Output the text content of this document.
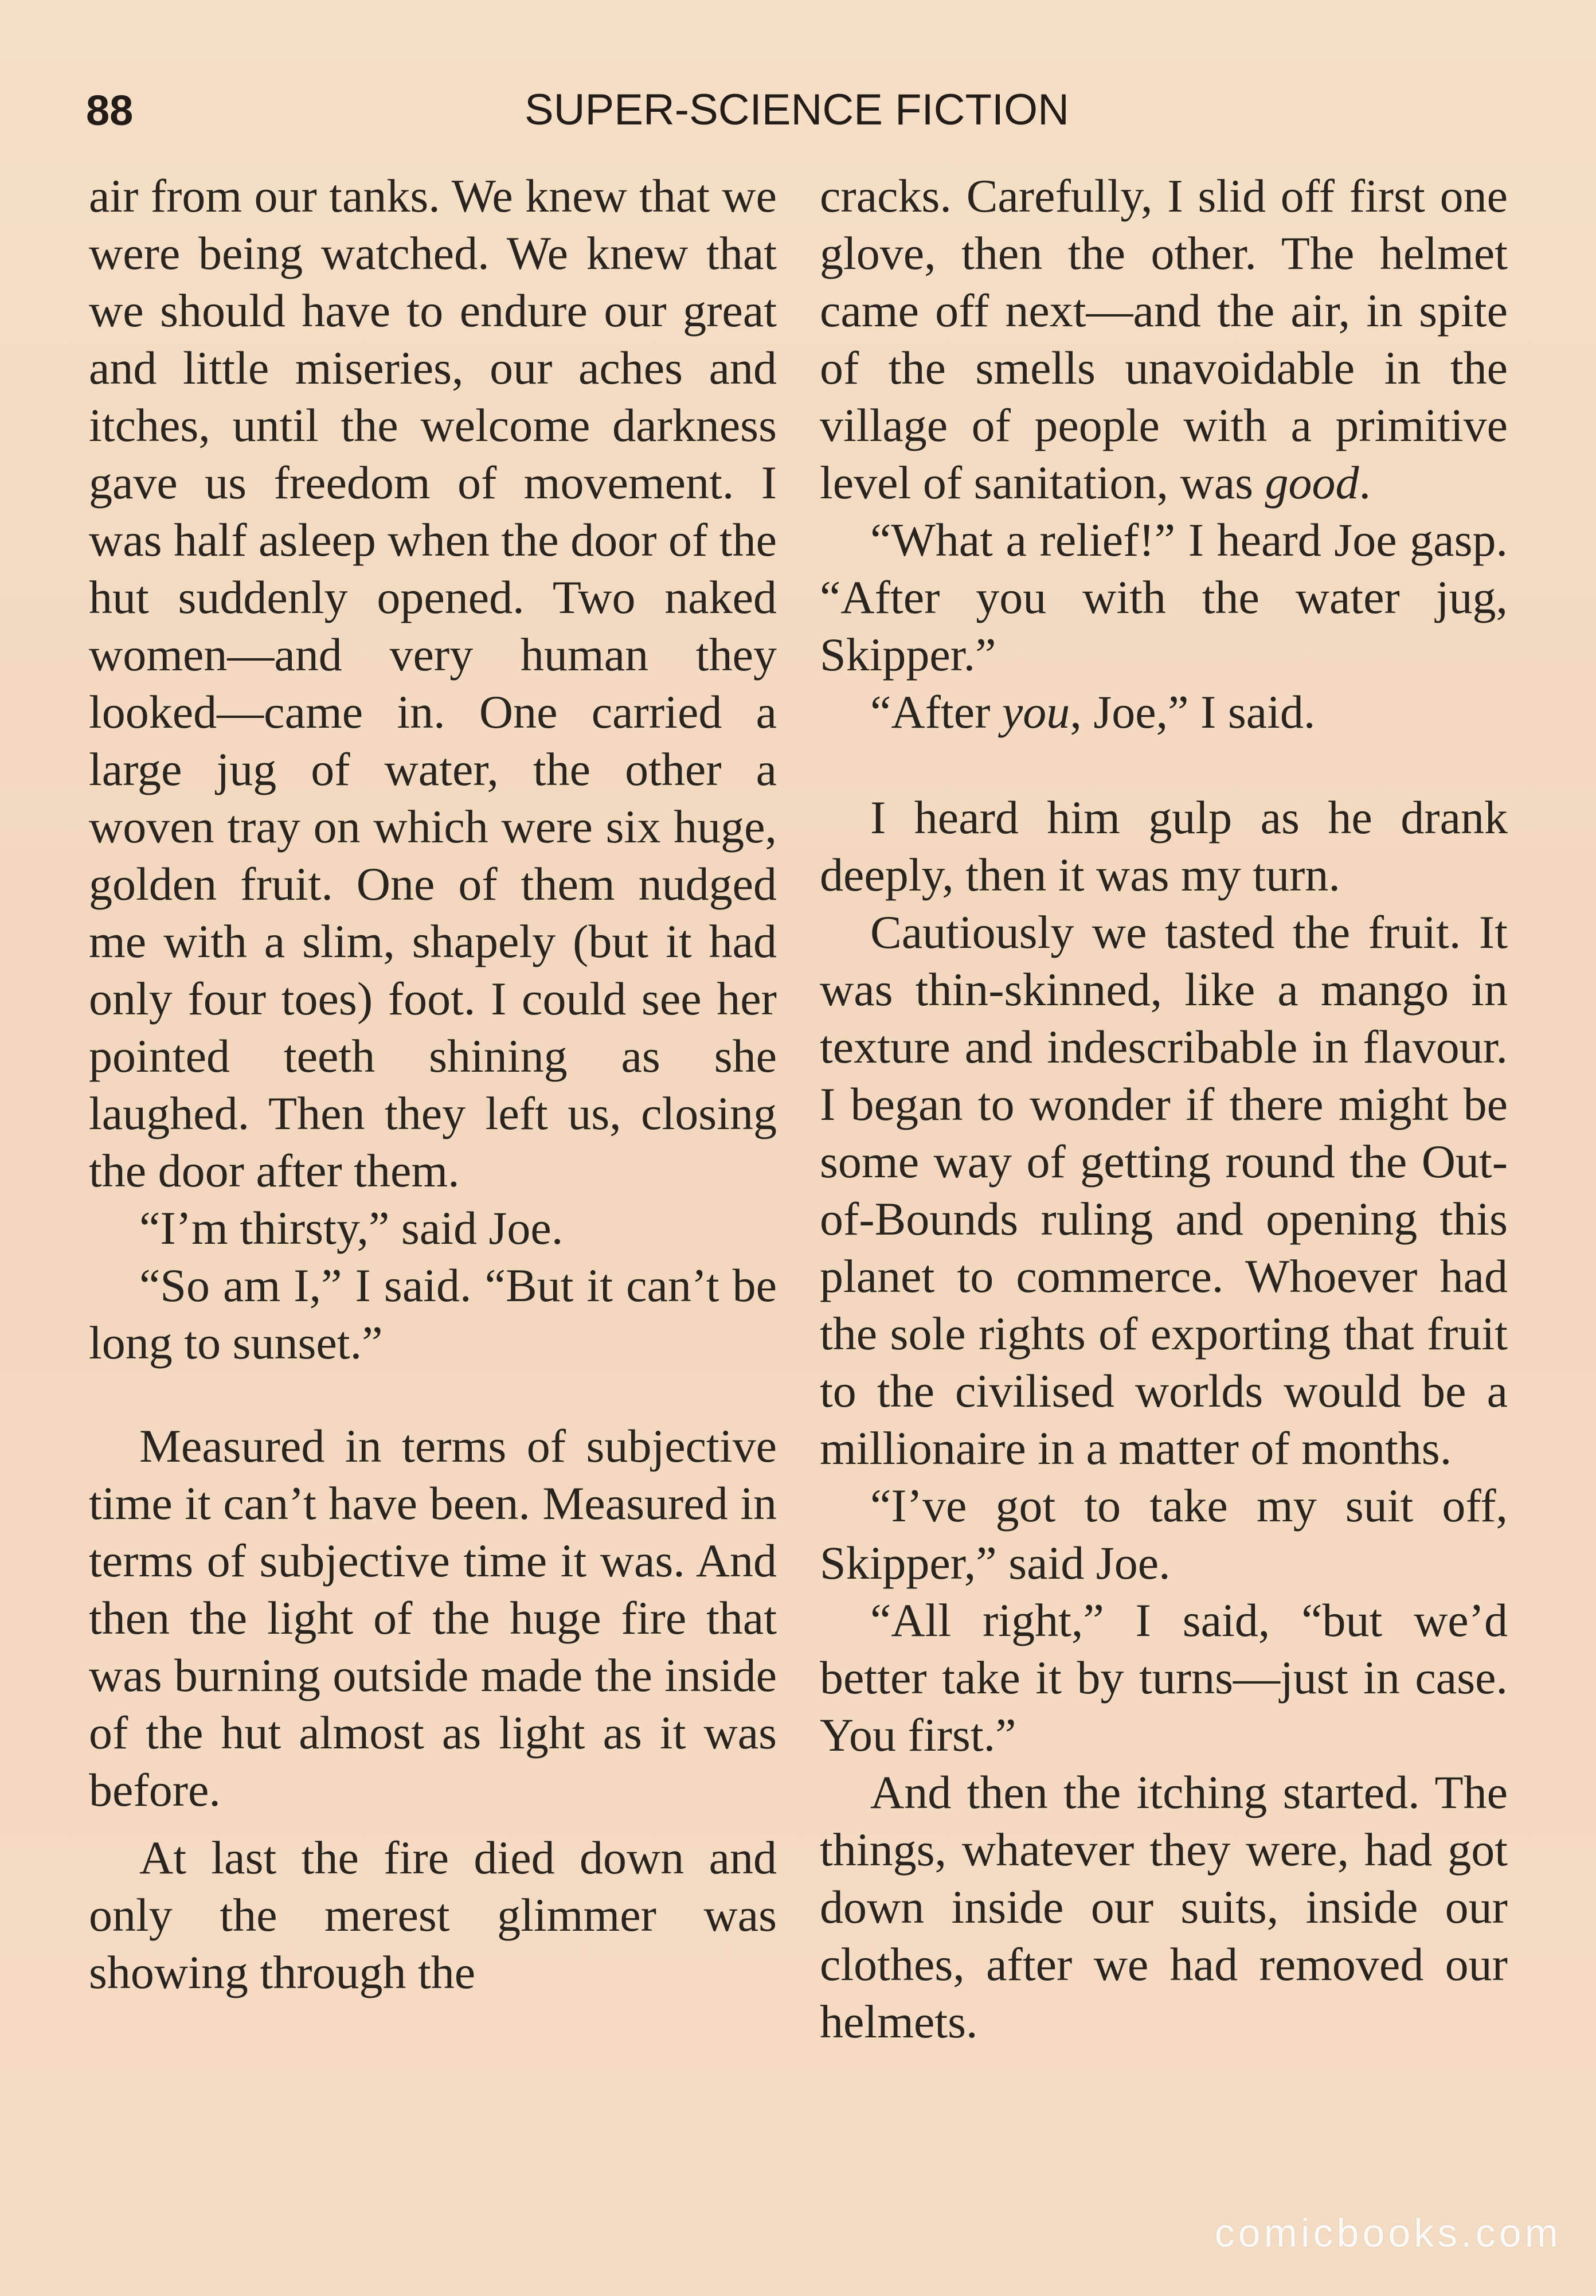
88	SUPER-SCIENCE FICTION

air from our tanks. We knew that we were being watched. We knew that we should have to endure our great and little miseries, our aches and itches, until the welcome darkness gave us freedom of movement. I was half asleep when the door of the hut suddenly opened. Two naked women—and very human they looked—came in. One carried a large jug of water, the other a woven tray on which were six huge, golden fruit. One of them nudged me with a slim, shapely (but it had only four toes) foot. I could see her pointed teeth shining as she laughed. Then they left us, closing the door after them.

“I’m thirsty,” said Joe.

“So am I,” I said. “But it can’t be long to sunset.”

Measured in terms of subjective time it can’t have been. Measured in terms of subjective time it was. And then the light of the huge fire that was burning outside made the inside of the hut almost as light as it was before.

At last the fire died down and only the merest glimmer was showing through the

cracks. Carefully, I slid off first one glove, then the other. The helmet came off next—and the air, in spite of the smells unavoidable in the village of people with a primitive level of sanitation, was good.

“What a relief!” I heard Joe gasp. “After you with the water jug, Skipper.”

“After you, Joe,” I said.

I heard him gulp as he drank deeply, then it was my turn.

Cautiously we tasted the fruit. It was thin-skinned, like a mango in texture and indescribable in flavour. I began to wonder if there might be some way of getting round the Out-of-Bounds ruling and opening this planet to commerce. Whoever had the sole rights of exporting that fruit to the civilised worlds would be a millionaire in a matter of months.

“I’ve got to take my suit off, Skipper,” said Joe.

“All right,” I said, “but we’d better take it by turns—just in case. You first.”

And then the itching started. The things, whatever they were, had got down inside our suits, inside our clothes, after we had removed our helmets.

comicbooks.com
